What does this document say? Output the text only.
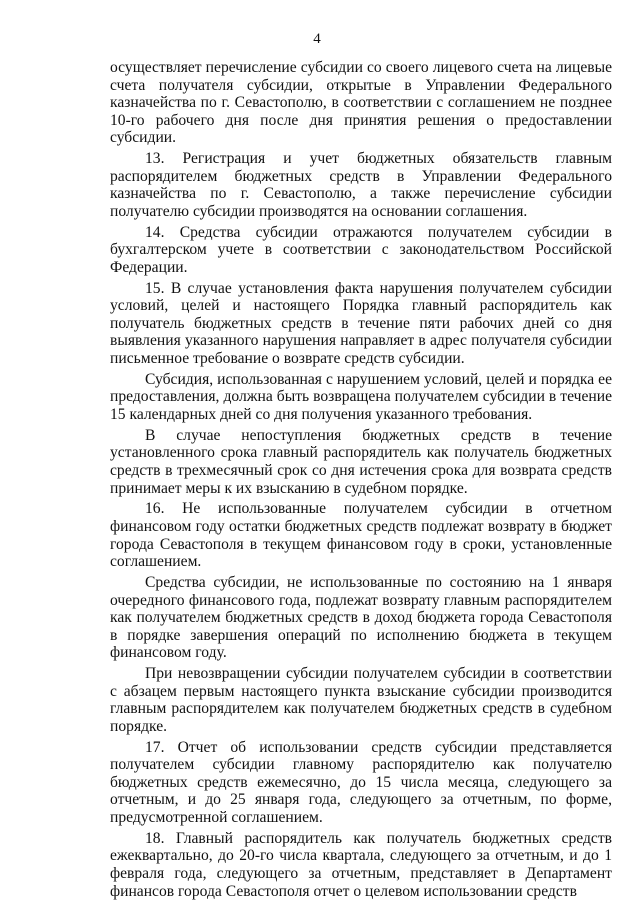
4

осуществляет перечисление субсидии со своего лицевого счета на лицевые счета получателя субсидии, открытые в Управлении Федерального казначейства по г. Севастополю, в соответствии с соглашением не позднее 10-го рабочего дня после дня принятия решения о предоставлении субсидии.

13. Регистрация и учет бюджетных обязательств главным распорядителем бюджетных средств в Управлении Федерального казначейства по г. Севастополю, а также перечисление субсидии получателю субсидии производятся на основании соглашения.

14. Средства субсидии отражаются получателем субсидии в бухгалтерском учете в соответствии с законодательством Российской Федерации.

15. В случае установления факта нарушения получателем субсидии условий, целей и настоящего Порядка главный распорядитель как получатель бюджетных средств в течение пяти рабочих дней со дня выявления указанного нарушения направляет в адрес получателя субсидии письменное требование о возврате средств субсидии.

Субсидия, использованная с нарушением условий, целей и порядка ее предоставления, должна быть возвращена получателем субсидии в течение 15 календарных дней со дня получения указанного требования.

В случае непоступления бюджетных средств в течение установленного срока главный распорядитель как получатель бюджетных средств в трехмесячный срок со дня истечения срока для возврата средств принимает меры к их взысканию в судебном порядке.

16. Не использованные получателем субсидии в отчетном финансовом году остатки бюджетных средств подлежат возврату в бюджет города Севастополя в текущем финансовом году в сроки, установленные соглашением.

Средства субсидии, не использованные по состоянию на 1 января очередного финансового года, подлежат возврату главным распорядителем как получателем бюджетных средств в доход бюджета города Севастополя в порядке завершения операций по исполнению бюджета в текущем финансовом году.

При невозвращении субсидии получателем субсидии в соответствии с абзацем первым настоящего пункта взыскание субсидии производится главным распорядителем как получателем бюджетных средств в судебном порядке.

17. Отчет об использовании средств субсидии представляется получателем субсидии главному распорядителю как получателю бюджетных средств ежемесячно, до 15 числа месяца, следующего за отчетным, и до 25 января года, следующего за отчетным, по форме, предусмотренной соглашением.

18. Главный распорядитель как получатель бюджетных средств ежеквартально, до 20-го числа квартала, следующего за отчетным, и до 1 февраля года, следующего за отчетным, представляет в Департамент финансов города Севастополя отчет о целевом использовании средств
